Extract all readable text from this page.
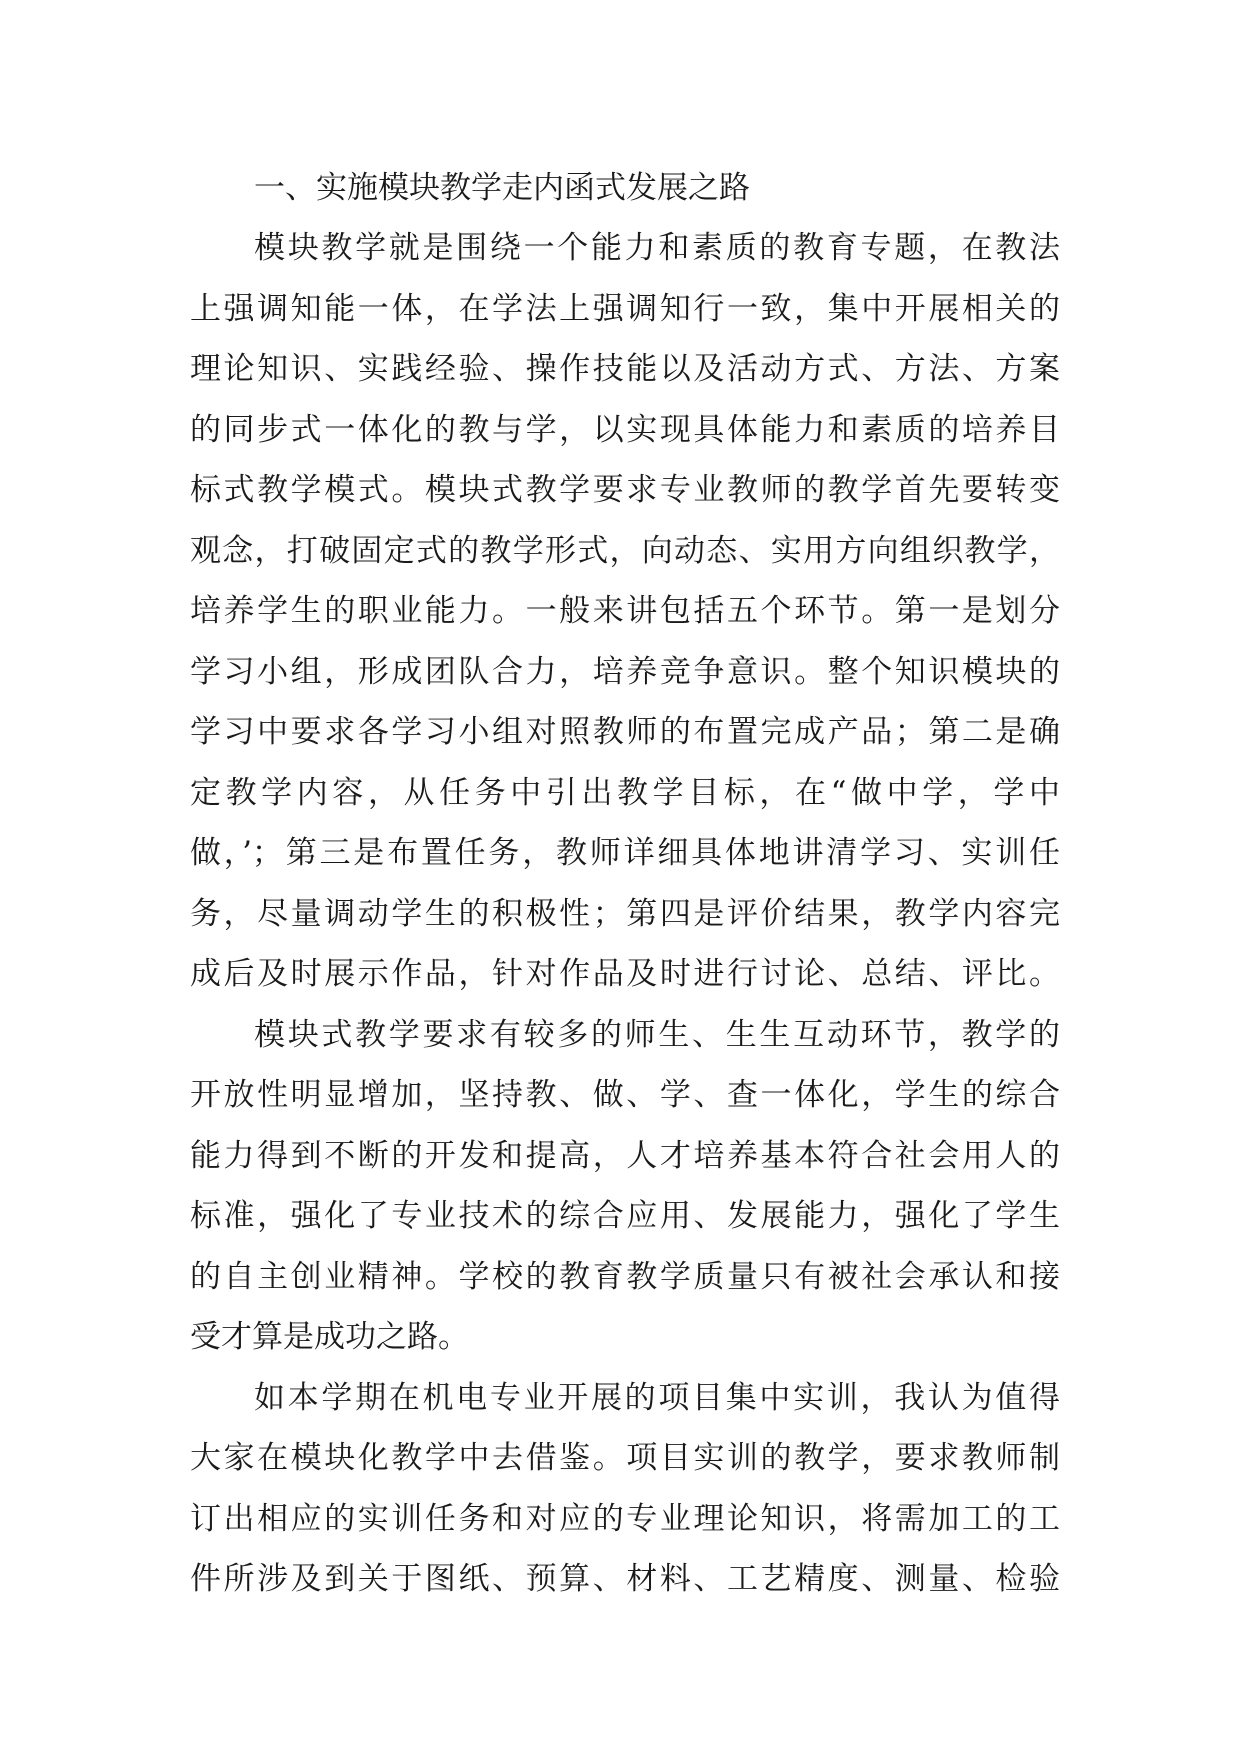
一、实施模块教学走内函式发展之路
模块教学就是围绕一个能力和素质的教育专题，在教法
上强调知能一体，在学法上强调知行一致，集中开展相关的
理论知识、实践经验、操作技能以及活动方式、方法、方案
的同步式一体化的教与学，以实现具体能力和素质的培养目
标式教学模式。模块式教学要求专业教师的教学首先要转变
观念，打破固定式的教学形式，向动态、实用方向组织教学，
培养学生的职业能力。一般来讲包括五个环节。第一是划分
学习小组，形成团队合力，培养竞争意识。整个知识模块的
学习中要求各学习小组对照教师的布置完成产品；第二是确
定教学内容，从任务中引出教学目标，在“做中学，学中
做，’；第三是布置任务，教师详细具体地讲清学习、实训任
务，尽量调动学生的积极性；第四是评价结果，教学内容完
成后及时展示作品，针对作品及时进行讨论、总结、评比。
模块式教学要求有较多的师生、生生互动环节，教学的
开放性明显增加，坚持教、做、学、查一体化，学生的综合
能力得到不断的开发和提高，人才培养基本符合社会用人的
标准，强化了专业技术的综合应用、发展能力，强化了学生
的自主创业精神。学校的教育教学质量只有被社会承认和接
受才算是成功之路。
如本学期在机电专业开展的项目集中实训，我认为值得
大家在模块化教学中去借鉴。项目实训的教学，要求教师制
订出相应的实训任务和对应的专业理论知识，将需加工的工
件所涉及到关于图纸、预算、材料、工艺精度、测量、检验
